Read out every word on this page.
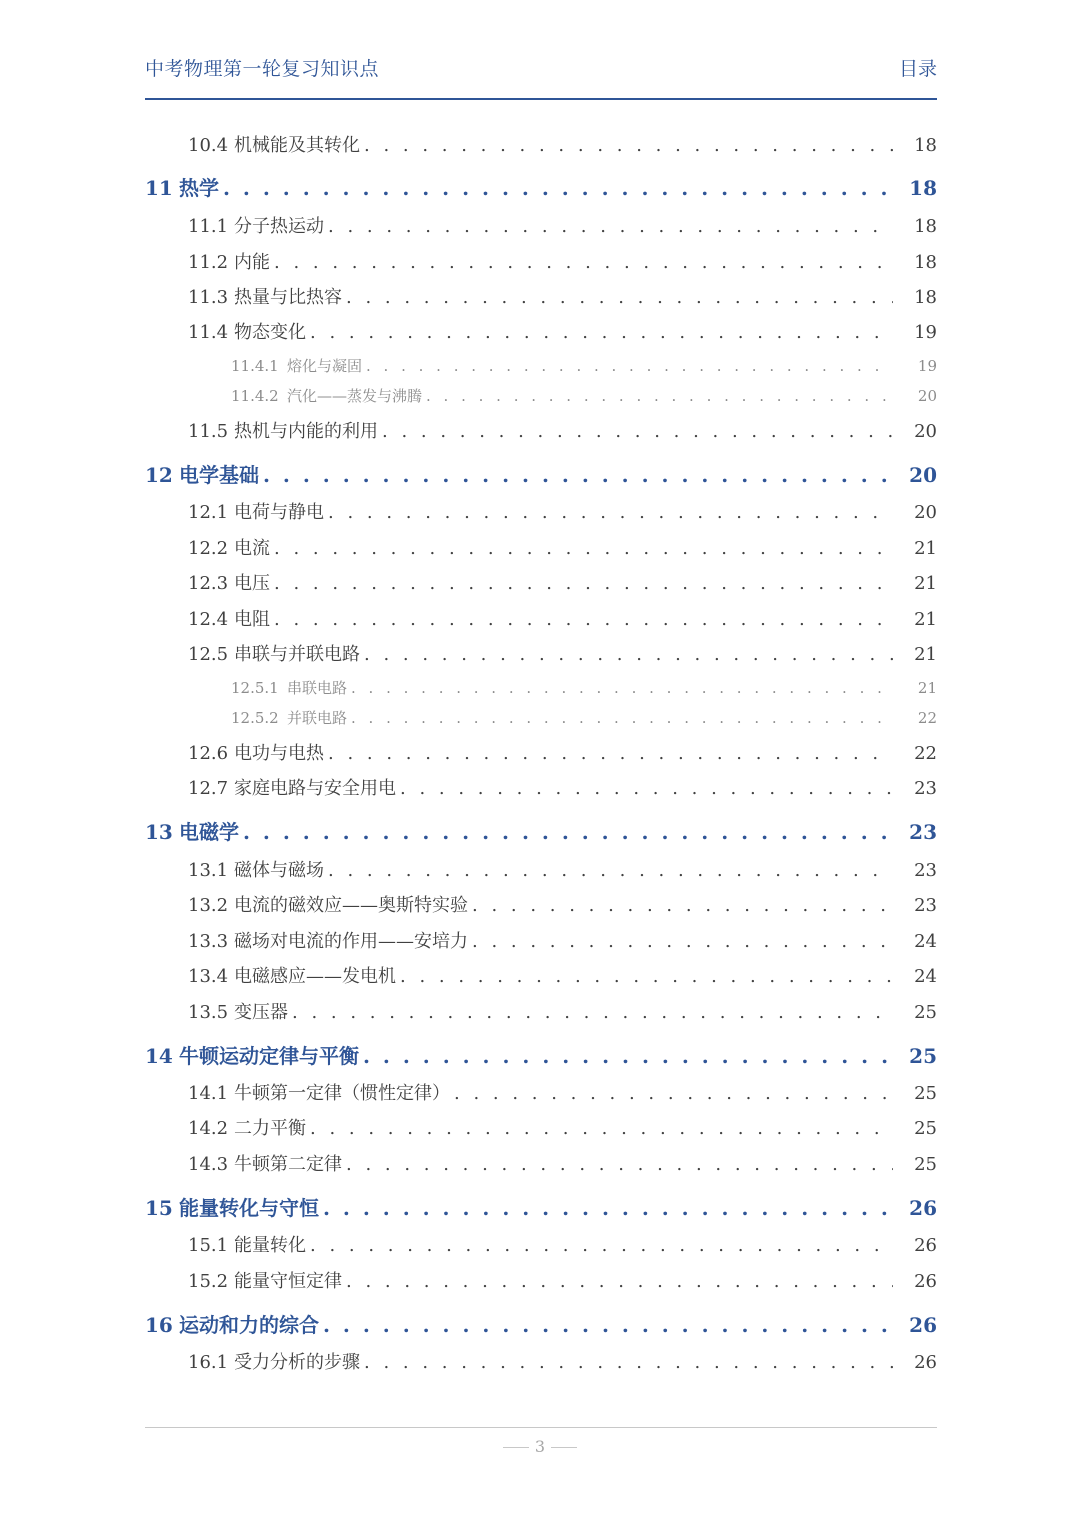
中考物理第一轮复习知识点	目录
10.4 机械能及其转化 . . .	18
11 热学 . . .	18
11.1 分子热运动 . . .	18
11.2 内能 . . .	18
11.3 热量与比热容 . . .	18
11.4 物态变化 . . .	19
11.4.1 熔化与凝固 . . .	19
11.4.2 汽化——蒸发与沸腾 . . .	20
11.5 热机与内能的利用 . . .	20
12 电学基础 . . .	20
12.1 电荷与静电 . . .	20
12.2 电流 . . .	21
12.3 电压 . . .	21
12.4 电阻 . . .	21
12.5 串联与并联电路 . . .	21
12.5.1 串联电路 . . .	21
12.5.2 并联电路 . . .	22
12.6 电功与电热 . . .	22
12.7 家庭电路与安全用电 . . .	23
13 电磁学 . . .	23
13.1 磁体与磁场 . . .	23
13.2 电流的磁效应——奥斯特实验 . . .	23
13.3 磁场对电流的作用——安培力 . . .	24
13.4 电磁感应——发电机 . . .	24
13.5 变压器 . . .	25
14 牛顿运动定律与平衡 . . .	25
14.1 牛顿第一定律（惯性定律） . . .	25
14.2 二力平衡 . . .	25
14.3 牛顿第二定律 . . .	25
15 能量转化与守恒 . . .	26
15.1 能量转化 . . .	26
15.2 能量守恒定律 . . .	26
16 运动和力的综合 . . .	26
16.1 受力分析的步骤 . . .	26
3
